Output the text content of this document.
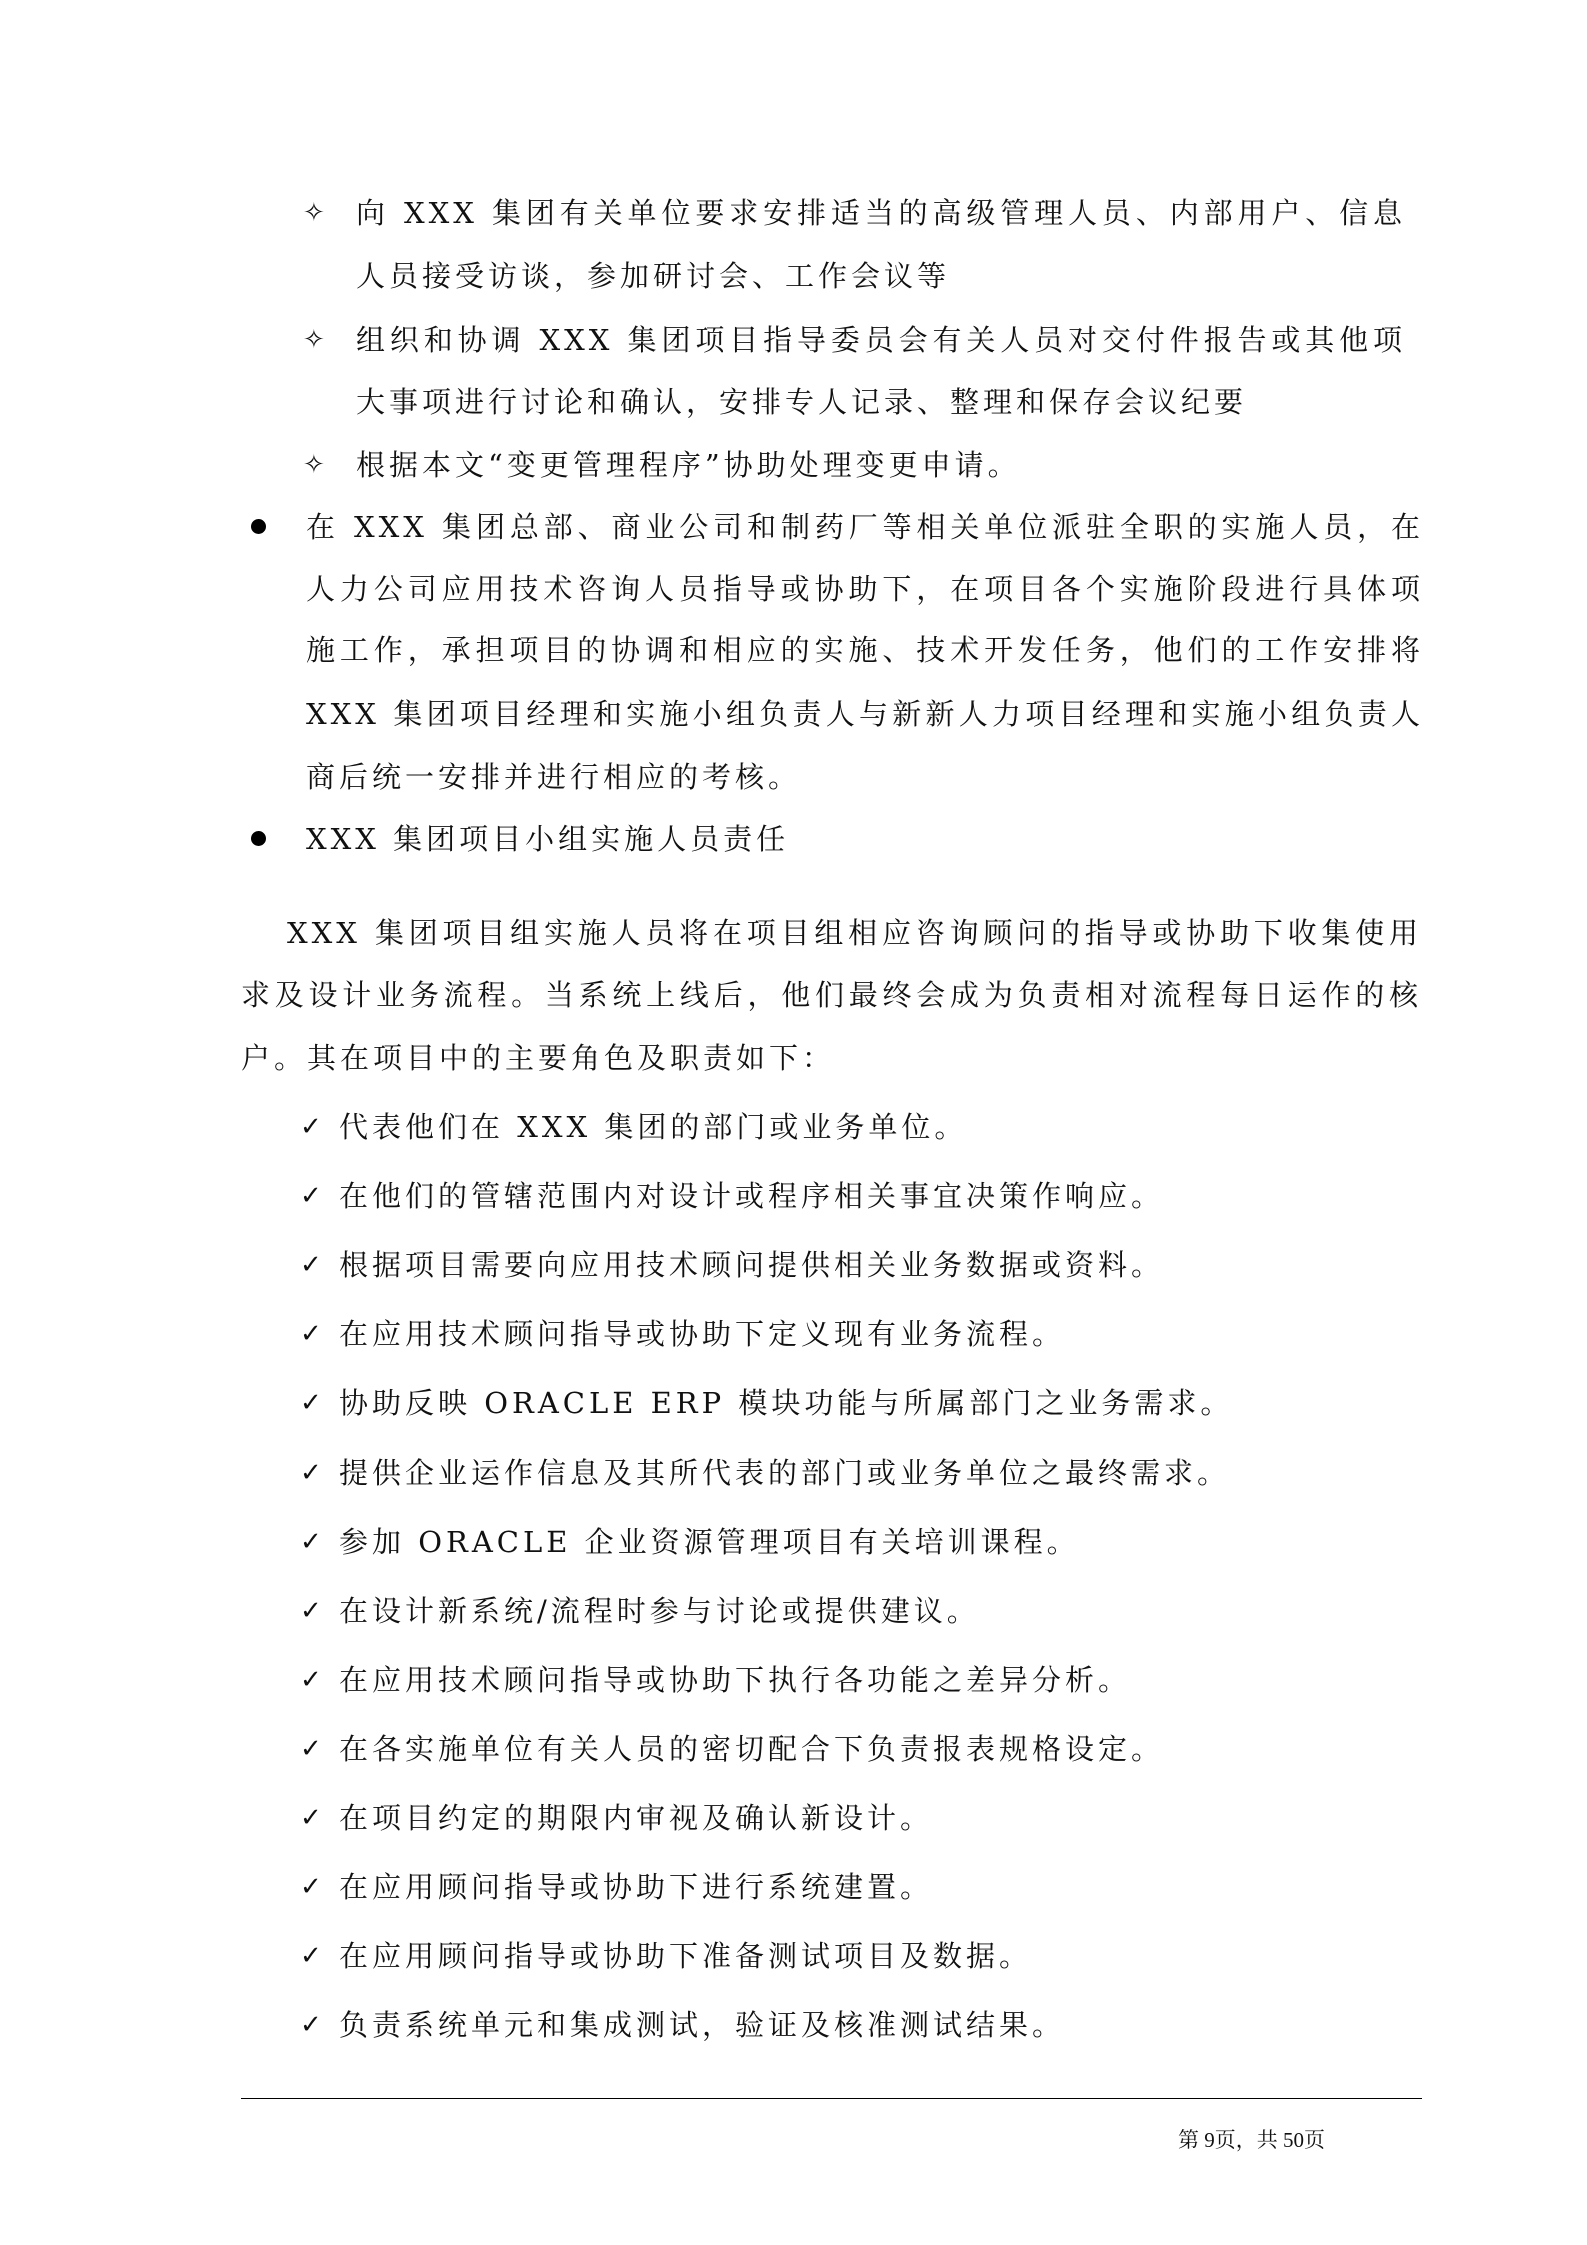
✧ 向 XXX 集团有关单位要求安排适当的高级管理人员、内部用户、信息
人员接受访谈，参加研讨会、工作会议等
✧ 组织和协调 XXX 集团项目指导委员会有关人员对交付件报告或其他项
大事项进行讨论和确认，安排专人记录、整理和保存会议纪要
✧ 根据本文“变更管理程序”协助处理变更申请。
在 XXX 集团总部、商业公司和制药厂等相关单位派驻全职的实施人员，在
人力公司应用技术咨询人员指导或协助下，在项目各个实施阶段进行具体项
施工作，承担项目的协调和相应的实施、技术开发任务，他们的工作安排将
XXX 集团项目经理和实施小组负责人与新新人力项目经理和实施小组负责人
商后统一安排并进行相应的考核。
XXX 集团项目小组实施人员责任
XXX 集团项目组实施人员将在项目组相应咨询顾问的指导或协助下收集使用
求及设计业务流程。当系统上线后，他们最终会成为负责相对流程每日运作的核
户。其在项目中的主要角色及职责如下：
✓ 代表他们在 XXX 集团的部门或业务单位。
✓ 在他们的管辖范围内对设计或程序相关事宜决策作响应。
✓ 根据项目需要向应用技术顾问提供相关业务数据或资料。
✓ 在应用技术顾问指导或协助下定义现有业务流程。
✓ 协助反映 ORACLE ERP 模块功能与所属部门之业务需求。
✓ 提供企业运作信息及其所代表的部门或业务单位之最终需求。
✓ 参加 ORACLE 企业资源管理项目有关培训课程。
✓ 在设计新系统/流程时参与讨论或提供建议。
✓ 在应用技术顾问指导或协助下执行各功能之差异分析。
✓ 在各实施单位有关人员的密切配合下负责报表规格设定。
✓ 在项目约定的期限内审视及确认新设计。
✓ 在应用顾问指导或协助下进行系统建置。
✓ 在应用顾问指导或协助下准备测试项目及数据。
✓ 负责系统单元和集成测试，验证及核准测试结果。
第 9页，共 50页
